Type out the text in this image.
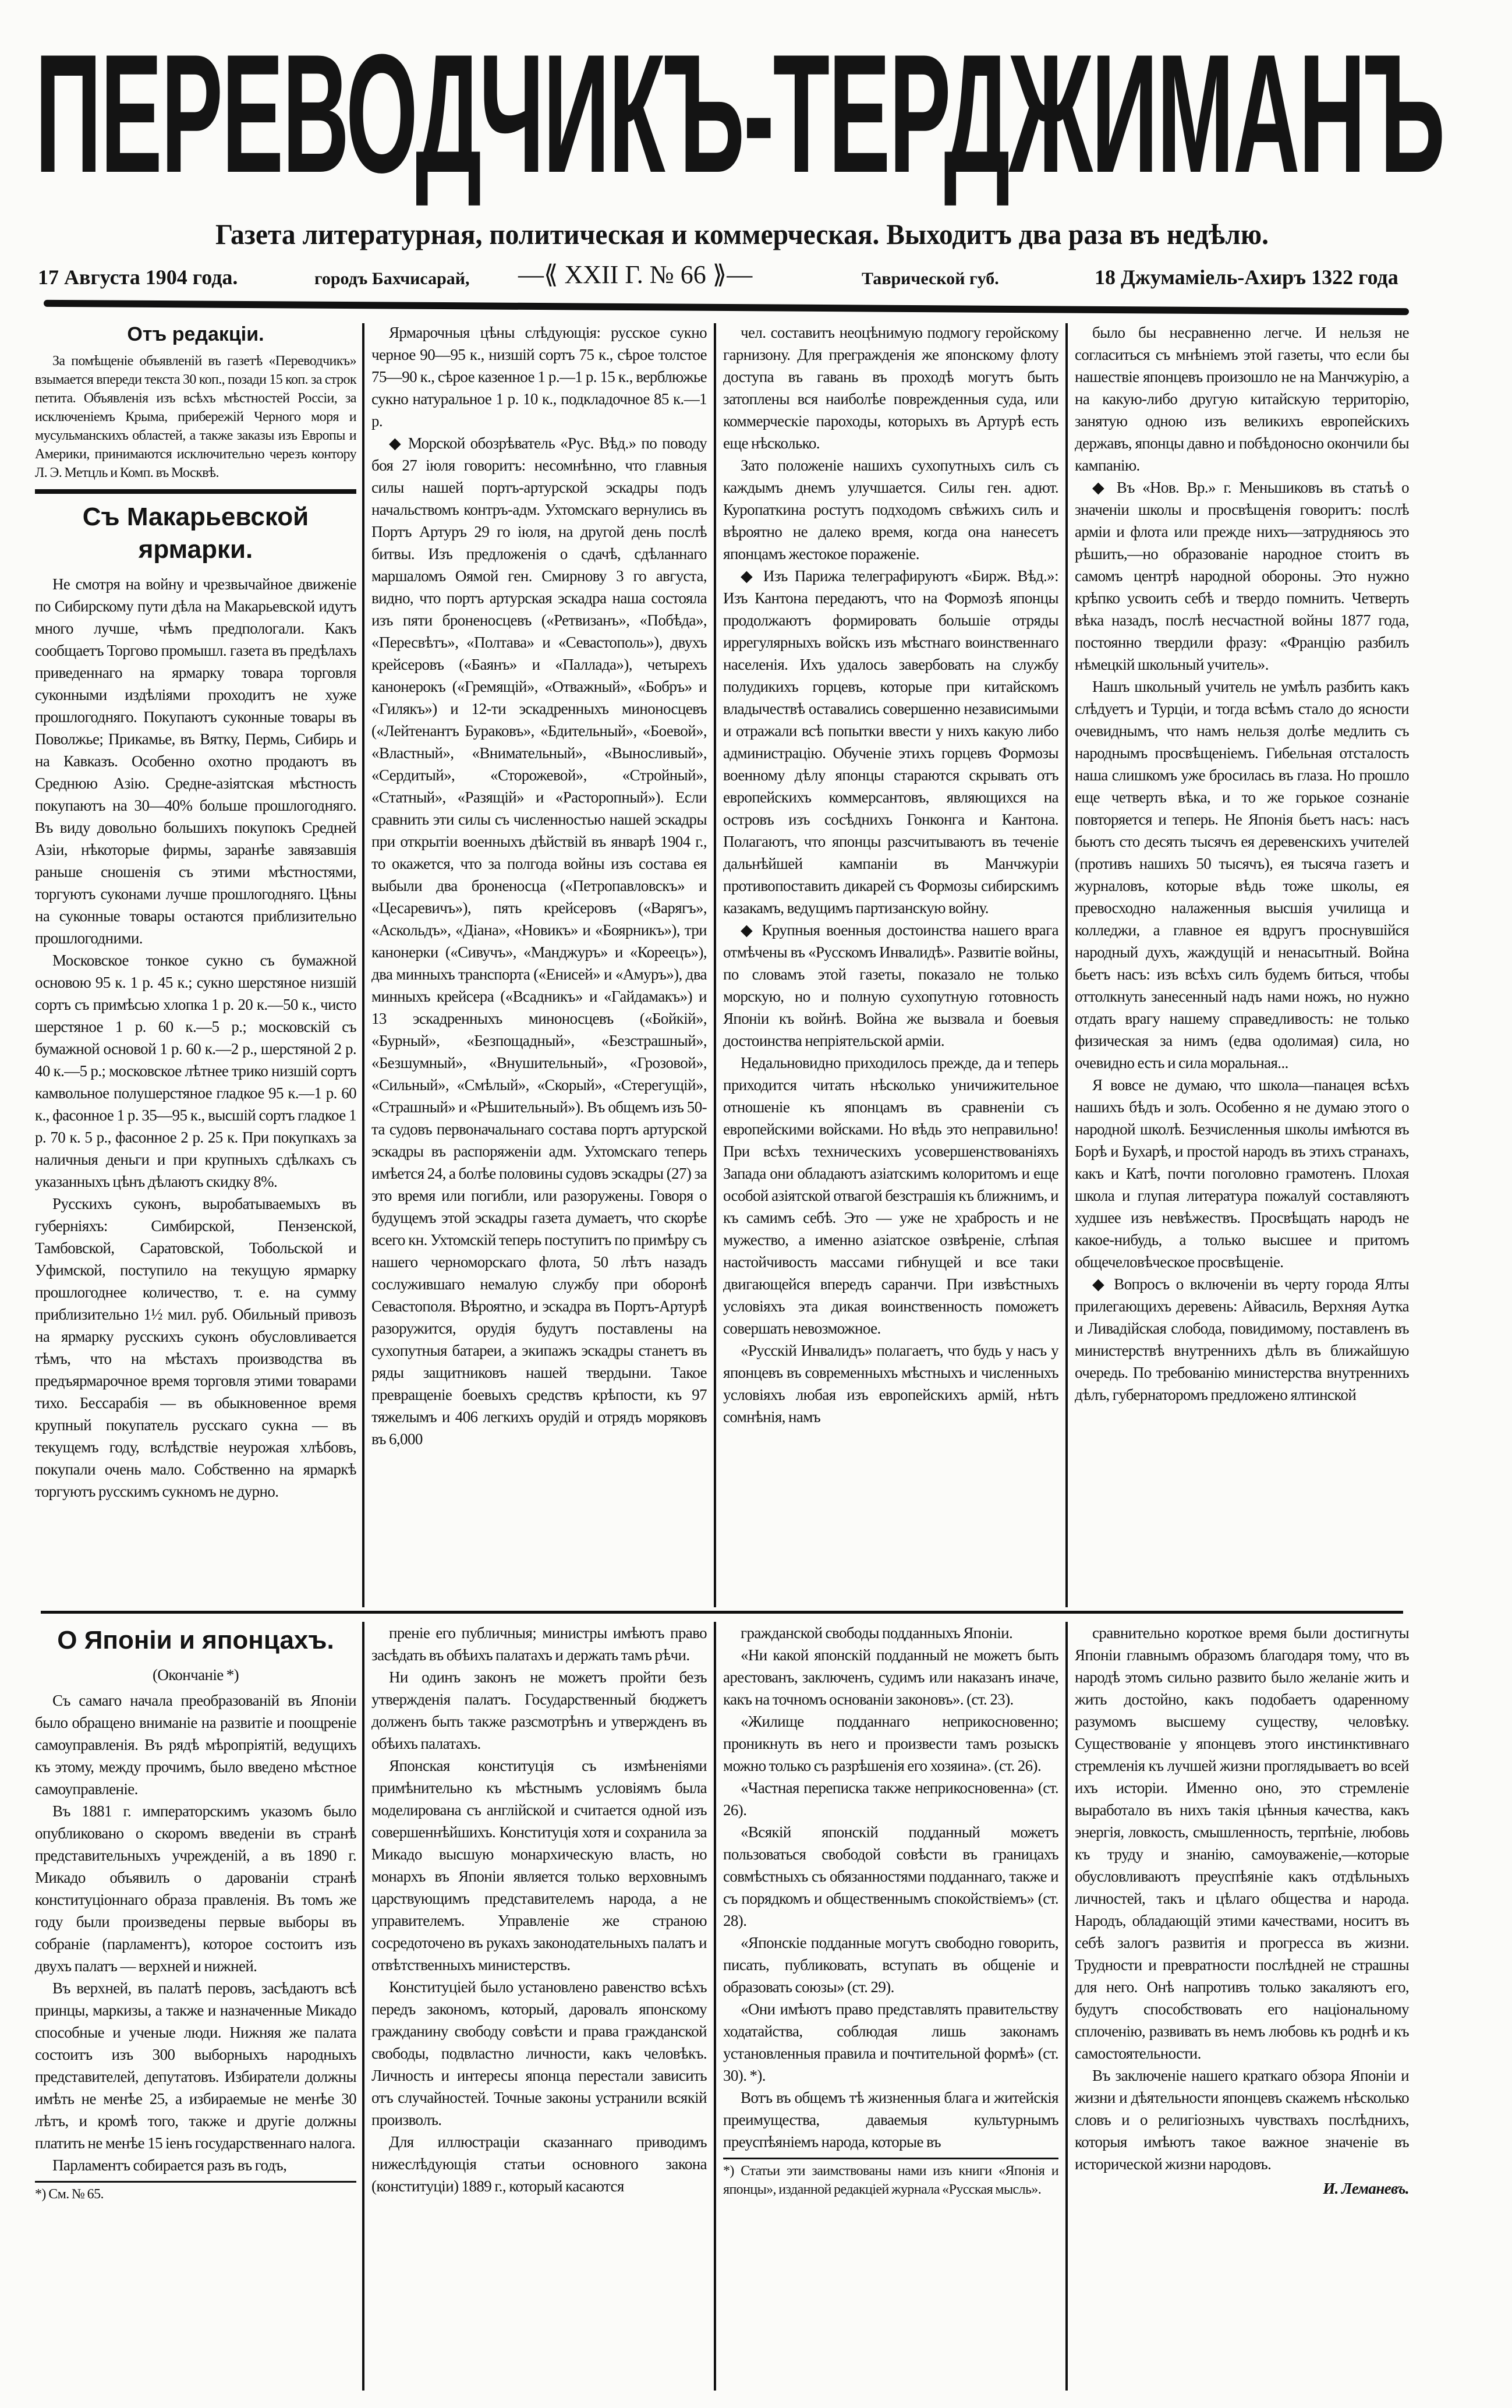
ПЕРЕВОДЧИКЪ-ТЕРДЖИМАНЪ
Газета литературная, политическая и коммерческая. Выходитъ два раза въ недѣлю.
17 Августа 1904 года.	городъ Бахчисарай, —⟪ XXII Г. № 66 ⟫—	Таврической губ.	18 Джумаміель-Ахиръ 1322 года
Отъ редакціи.

За помѣщеніе объявленій въ газетѣ «Переводчикъ» взымается впереди текста 30 коп., позади 15 коп. за строк петита. Объявленія изъ всѣхъ мѣстностей Россіи, за исключеніемъ Крыма, прибережій Черного моря и мусульманскихъ областей, а также заказы изъ Европы и Америки, принимаются исключительно черезъ контору Л. Э. Метцль и Комп. въ Москвѣ.

Съ Макарьевской ярмарки.

Не смотря на войну и чрезвычайное движеніе по Сибирскому пути дѣла на Макарьевской идутъ много лучше, чѣмъ предпологали. Какъ сообщаетъ Торгово промышл. газета въ предѣлахъ приведеннаго на ярмарку товара торговля суконными издѣліями проходитъ не хуже прошлогодняго. Покупаютъ суконные товары въ Поволжье; Прикамье, въ Вятку, Пермь, Сибирь и на Кавказъ. Особенно охотно продаютъ въ Среднюю Азію. Средне-азіятская мѣстность покупаютъ на 30—40% больше прошлогодняго. Въ виду довольно большихъ покупокъ Средней Азіи, нѣкоторые фирмы, заранѣе завязавшія раньше сношенія съ этими мѣстностями, торгуютъ суконами лучше прошлогодняго. Цѣны на суконные товары остаются приблизительно прошлогодними.

Московское тонкое сукно съ бумажной основою 95 к. 1 р. 45 к.; сукно шерстяное низшій сортъ съ примѣсью хлопка 1 р. 20 к.—50 к., чисто шерстяное 1 р. 60 к.—5 р.; московскій съ бумажной основой 1 р. 60 к.—2 р., шерстяной 2 р. 40 к.—5 р.; московское лѣтнее трико низшій сортъ камвольное полушерстяное гладкое 95 к.—1 р. 60 к., фасонное 1 р. 35—95 к., высшій сортъ гладкое 1 р. 70 к. 5 р., фасонное 2 р. 25 к. При покупкахъ за наличныя деньги и при крупныхъ сдѣлкахъ съ указанныхъ цѣнъ дѣлаютъ скидку 8%.

Русскихъ суконъ, выробатываемыхъ въ губерніяхъ: Симбирской, Пензенской, Тамбовской, Саратовской, Тобольской и Уфимской, поступило на текущую ярмарку прошлогоднее количество, т. е. на сумму приблизительно 1½ мил. руб. Обильный привозъ на ярмарку русскихъ суконъ обусловливается тѣмъ, что на мѣстахъ производства въ предъярмарочное время торговля этими товарами тихо. Бессарабія — въ обыкновенное время крупный покупатель русскаго сукна — въ текущемъ году, вслѣдствіе неурожая хлѣбовъ, покупали очень мало. Собственно на ярмаркѣ торгуютъ русскимъ сукномъ не дурно.

Ярмарочныя цѣны слѣдующія: русское сукно черное 90—95 к., низшій сортъ 75 к., сѣрое толстое 75—90 к., сѣрое казенное 1 р.—1 р. 15 к., верблюжье сукно натуральное 1 р. 10 к., подкладочное 85 к.—1 р.

◆ Морской обозрѣватель «Рус. Вѣд.» по поводу боя 27 іюля говоритъ: несомнѣнно, что главныя силы нашей портъ-артурской эскадры подъ начальствомъ контръ-адм. Ухтомскаго вернулись въ Портъ Артуръ 29 го іюля, на другой день послѣ битвы. Изъ предложенія о сдачѣ, сдѣланнаго маршаломъ Оямой ген. Смирнову 3 го августа, видно, что портъ артурская эскадра наша состояла изъ пяти броненосцевъ («Ретвизанъ», «Побѣда», «Пересвѣтъ», «Полтава» и «Севастополь»), двухъ крейсеровъ («Баянъ» и «Паллада»), четырехъ канонерокъ («Гремящій», «Отважный», «Бобръ» и «Гилякъ») и 12-ти эскадренныхъ миноносцевъ («Лейтенантъ Бураковъ», «Бдительный», «Боевой», «Властный», «Внимательный», «Выносливый», «Сердитый», «Сторожевой», «Стройный», «Статный», «Разящій» и «Расторопный»). Если сравнить эти силы съ численностью нашей эскадры при открытіи военныхъ дѣйствій въ январѣ 1904 г., то окажется, что за полгода войны изъ состава ея выбыли два броненосца («Петропавловскъ» и «Цесаревичъ»), пять крейсеровъ («Варягъ», «Аскольдъ», «Діана», «Новикъ» и «Боярникъ»), три канонерки («Сивучъ», «Манджуръ» и «Кореецъ»), два минныхъ транспорта («Енисей» и «Амуръ»), два минныхъ крейсера («Всадникъ» и «Гайдамакъ») и 13 эскадренныхъ миноносцевъ («Бойкій», «Бурный», «Безпощадный», «Безстрашный», «Безшумный», «Внушительный», «Грозовой», «Сильный», «Смѣлый», «Скорый», «Стерегущій», «Страшный» и «Рѣшительный»). Въ общемъ изъ 50-та судовъ первоначальнаго состава портъ артурской эскадры въ распоряженіи адм. Ухтомскаго теперь имѣется 24, а болѣе половины судовъ эскадры (27) за это время или погибли, или разоружены. Говоря о будущемъ этой эскадры газета думаетъ, что скорѣе всего кн. Ухтомскій теперь поступитъ по примѣру съ нашего черноморскаго флота, 50 лѣтъ назадъ сослужившаго немалую службу при оборонѣ Севастополя. Вѣроятно, и эскадра въ Портъ-Артурѣ разоружится, орудія будутъ поставлены на сухопутныя батареи, а экипажъ эскадры станетъ въ ряды защитниковъ нашей твердыни. Такое превращеніе боевыхъ средствъ крѣпости, къ 97 тяжелымъ и 406 легкихъ орудій и отрядъ моряковъ въ 6,000

чел. составитъ неоцѣнимую подмогу геройскому гарнизону. Для прегражденія же японскому флоту доступа въ гавань въ проходѣ могутъ быть затоплены вся наиболѣе поврежденныя суда, или коммерческіе пароходы, которыхъ въ Артурѣ есть еще нѣсколько.

Зато положеніе нашихъ сухопутныхъ силъ съ каждымъ днемъ улучшается. Силы ген. адют. Куропаткина ростутъ подходомъ свѣжихъ силъ и вѣроятно не далеко время, когда она нанесетъ японцамъ жестокое пораженіе.

◆ Изъ Парижа телеграфируютъ «Бирж. Вѣд.»: Изъ Кантона передаютъ, что на Формозѣ японцы продолжаютъ формировать большіе отряды иррегулярныхъ войскъ изъ мѣстнаго воинственнаго населенія. Ихъ удалось завербовать на службу полудикихъ горцевъ, которые при китайскомъ владычествѣ оставались совершенно независимыми и отражали всѣ попытки ввести у нихъ какую либо администрацію. Обученіе этихъ горцевъ Формозы военному дѣлу японцы стараются скрывать отъ европейскихъ коммерсантовъ, являющихся на островъ изъ сосѣднихъ Гонконга и Кантона. Полагаютъ, что японцы разсчитываютъ въ теченіе дальнѣйшей кампаніи въ Манчжуріи противопоставить дикарей съ Формозы сибирскимъ казакамъ, ведущимъ партизанскую войну.

◆ Крупныя военныя достоинства нашего врага отмѣчены въ «Русскомъ Инвалидѣ». Развитіе войны, по словамъ этой газеты, показало не только морскую, но и полную сухопутную готовность Японіи къ войнѣ. Война же вызвала и боевыя достоинства непріятельской арміи.

Недальновидно приходилось прежде, да и теперь приходится читать нѣсколько уничижительное отношеніе къ японцамъ въ сравненіи съ европейскими войсками. Но вѣдь это неправильно! При всѣхъ техническихъ усовершенствованіяхъ Запада они обладаютъ азіатскимъ колоритомъ и еще особой азіятской отвагой безстрашія къ ближнимъ, и къ самимъ себѣ. Это — уже не храбрость и не мужество, а именно азіатское озвѣреніе, слѣпая настойчивость массами гибнущей и все таки двигающейся впередъ саранчи. При извѣстныхъ условіяхъ эта дикая воинственность поможетъ совершать невозможное.

«Русскій Инвалидъ» полагаетъ, что будь у насъ у японцевъ въ современныхъ мѣстныхъ и численныхъ условіяхъ любая изъ европейскихъ армій, нѣтъ сомнѣнія, намъ

было бы несравненно легче. И нельзя не согласиться съ мнѣніемъ этой газеты, что если бы нашествіе японцевъ произошло не на Манчжурію, а на какую-либо другую китайскую территорію, занятую одною изъ великихъ европейскихъ державъ, японцы давно и побѣдоносно окончили бы кампанію.

◆ Въ «Нов. Вр.» г. Меньшиковъ въ статьѣ о значеніи школы и просвѣщенія говоритъ: послѣ арміи и флота или прежде нихъ—затрудняюсь это рѣшить,—но образованіе народное стоитъ въ самомъ центрѣ народной обороны. Это нужно крѣпко усвоить себѣ и твердо помнить. Четверть вѣка назадъ, послѣ несчастной войны 1877 года, постоянно твердили фразу: «Францію разбилъ нѣмецкій школьный учитель».

Нашъ школьный учитель не умѣлъ разбить какъ слѣдуетъ и Турціи, и тогда всѣмъ стало до ясности очевиднымъ, что намъ нельзя долѣе медлить съ народнымъ просвѣщеніемъ. Гибельная отсталость наша слишкомъ уже бросилась въ глаза. Но прошло еще четверть вѣка, и то же горькое сознаніе повторяется и теперь. Не Японія бьетъ насъ: насъ бьютъ сто десять тысячъ ея деревенскихъ учителей (противъ нашихъ 50 тысячъ), ея тысяча газетъ и журналовъ, которые вѣдь тоже школы, ея превосходно налаженныя высшія училища и колледжи, а главное ея вдругъ проснувшійся народный духъ, жаждущій и ненасытный. Война бьетъ насъ: изъ всѣхъ силъ будемъ биться, чтобы оттолкнуть занесенный надъ нами ножъ, но нужно отдать врагу нашему справедливость: не только физическая за нимъ (едва одолимая) сила, но очевидно есть и сила моральная...

Я вовсе не думаю, что школа—панацея всѣхъ нашихъ бѣдъ и золъ. Особенно я не думаю этого о народной школѣ. Безчисленныя школы имѣются въ Борѣ и Бухарѣ, и простой народъ въ этихъ странахъ, какъ и Катѣ, почти поголовно грамотенъ. Плохая школа и глупая литература пожалуй составляютъ худшее изъ невѣжествъ. Просвѣщать народъ не какое-нибудь, а только высшее и притомъ общечеловѣческое просвѣщеніе.

◆ Вопросъ о включеніи въ черту города Ялты прилегающихъ деревень: Айвасиль, Верхняя Аутка и Ливадійская слобода, повидимому, поставленъ въ министерствѣ внутреннихъ дѣлъ въ ближайшую очередь. По требованію министерства внутреннихъ дѣлъ, губернаторомъ предложено ялтинской

О Японіи и японцахъ.
(Окончаніе *)

Съ самаго начала преобразованій въ Японіи было обращено вниманіе на развитіе и поощреніе самоуправленія. Въ рядѣ мѣропріятій, ведущихъ къ этому, между прочимъ, было введено мѣстное самоуправленіе.

Въ 1881 г. императорскимъ указомъ было опубликовано о скоромъ введеніи въ странѣ представительныхъ учрежденій, а въ 1890 г. Микадо объявилъ о дарованіи странѣ конституціоннаго образа правленія. Въ томъ же году были произведены первые выборы въ собраніе (парламентъ), которое состоитъ изъ двухъ палатъ — верхней и нижней.

Въ верхней, въ палатѣ перовъ, засѣдаютъ всѣ принцы, маркизы, а также и назначенные Микадо способные и ученые люди. Нижняя же палата состоитъ изъ 300 выборныхъ народныхъ представителей, депутатовъ. Избиратели должны имѣть не менѣе 25, а избираемые не менѣе 30 лѣтъ, и кромѣ того, также и другіе должны платить не менѣе 15 іенъ государственнаго налога.

Парламентъ собирается разъ въ годъ,

*) См. № 65.

преніе его публичныя; министры имѣютъ право засѣдать въ обѣихъ палатахъ и держать тамъ рѣчи.

Ни одинъ законъ не можетъ пройти безъ утвержденія палатъ. Государственный бюджетъ долженъ быть также разсмотрѣнъ и утвержденъ въ обѣихъ палатахъ.

Японская конституція съ измѣненіями примѣнительно къ мѣстнымъ условіямъ была моделирована съ англійской и считается одной изъ совершеннѣйшихъ. Конституція хотя и сохранила за Микадо высшую монархическую власть, но монархъ въ Японіи является только верховнымъ царствующимъ представителемъ народа, а не управителемъ. Управленіе же страною сосредоточено въ рукахъ законодательныхъ палатъ и отвѣтственныхъ министерствъ.

Конституціей было установлено равенство всѣхъ передъ закономъ, который, даровалъ японскому гражданину свободу совѣсти и права гражданской свободы, подвластно личности, какъ человѣкъ. Личность и интересы японца перестали зависить отъ случайностей. Точные законы устранили всякій произволъ.

Для иллюстраціи сказаннаго приводимъ нижеслѣдующія статьи основного закона (конституціи) 1889 г., который касаются

гражданской свободы подданныхъ Японіи.

«Ни какой японскій подданный не можетъ быть арестованъ, заключенъ, судимъ или наказанъ иначе, какъ на точномъ основаніи законовъ». (ст. 23).

«Жилище подданнаго неприкосновенно; проникнуть въ него и произвести тамъ розыскъ можно только съ разрѣшенія его хозяина». (ст. 26).

«Частная переписка также неприкосновенна» (ст. 26).

«Всякій японскій подданный можетъ пользоваться свободой совѣсти въ границахъ совмѣстныхъ съ обязанностями подданнаго, также и съ порядкомъ и общественнымъ спокойствіемъ» (ст. 28).

«Японскіе подданные могутъ свободно говорить, писать, публиковать, вступать въ общеніе и образовать союзы» (ст. 29).

«Они имѣютъ право представлять правительству ходатайства, соблюдая лишь законамъ установленныя правила и почтительной формѣ» (ст. 30). *).

Вотъ въ общемъ тѣ жизненныя блага и житейскія преимущества, даваемыя культурнымъ преуспѣяніемъ народа, которые въ

*) Статьи эти заимствованы нами изъ книги «Японія и японцы», изданной редакціей журнала «Русская мысль».

сравнительно короткое время были достигнуты Японіи главнымъ образомъ благодаря тому, что въ народѣ этомъ сильно развито было желаніе жить и жить достойно, какъ подобаетъ одаренному разумомъ высшему существу, человѣку. Существованіе у японцевъ этого инстинктивнаго стремленія къ лучшей жизни проглядываетъ во всей ихъ исторіи. Именно оно, это стремленіе выработало въ нихъ такія цѣнныя качества, какъ энергія, ловкость, смышленность, терпѣніе, любовь къ труду и знанію, самоуваженіе,—которые обусловливаютъ преуспѣяніе какъ отдѣльныхъ личностей, такъ и цѣлаго общества и народа. Народъ, обладающій этими качествами, носитъ въ себѣ залогъ развитія и прогресса въ жизни. Трудности и превратности послѣдней не страшны для него. Онѣ напротивъ только закаляютъ его, будутъ способствовать его національному сплоченію, развивать въ немъ любовь къ роднѣ и къ самостоятельности.

Въ заключеніе нашего краткаго обзора Японіи и жизни и дѣятельности японцевъ скажемъ нѣсколько словъ и о религіозныхъ чувствахъ послѣднихъ, которыя имѣютъ такое важное значеніе въ исторической жизни народовъ.

И. Леманевъ.
